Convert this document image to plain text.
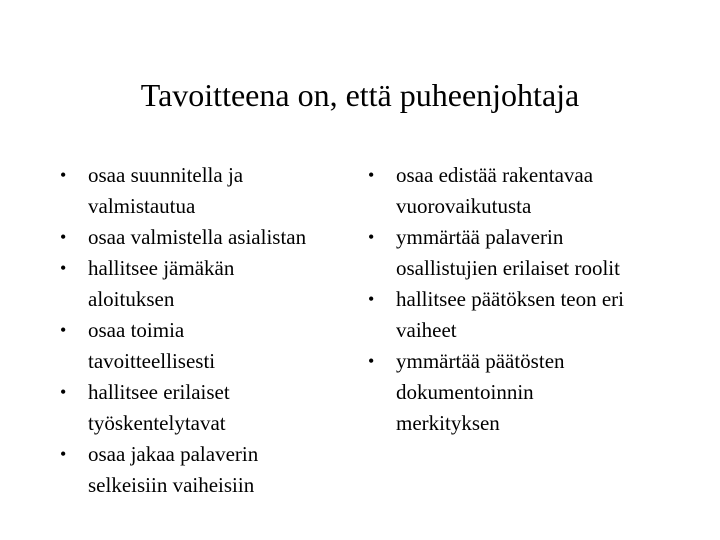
Tavoitteena on, että puheenjohtaja
• osaa suunnitella ja
valmistautua
• osaa valmistella asialistan
• hallitsee jämäkän
aloituksen
• osaa toimia
tavoitteellisesti
• hallitsee erilaiset
työskentelytavat
• osaa jakaa palaverin
selkeisiin vaiheisiin
• osaa edistää rakentavaa
vuorovaikutusta
• ymmärtää palaverin
osallistujien erilaiset roolit
• hallitsee päätöksen teon eri
vaiheet
• ymmärtää päätösten
dokumentoinnin
merkityksen
